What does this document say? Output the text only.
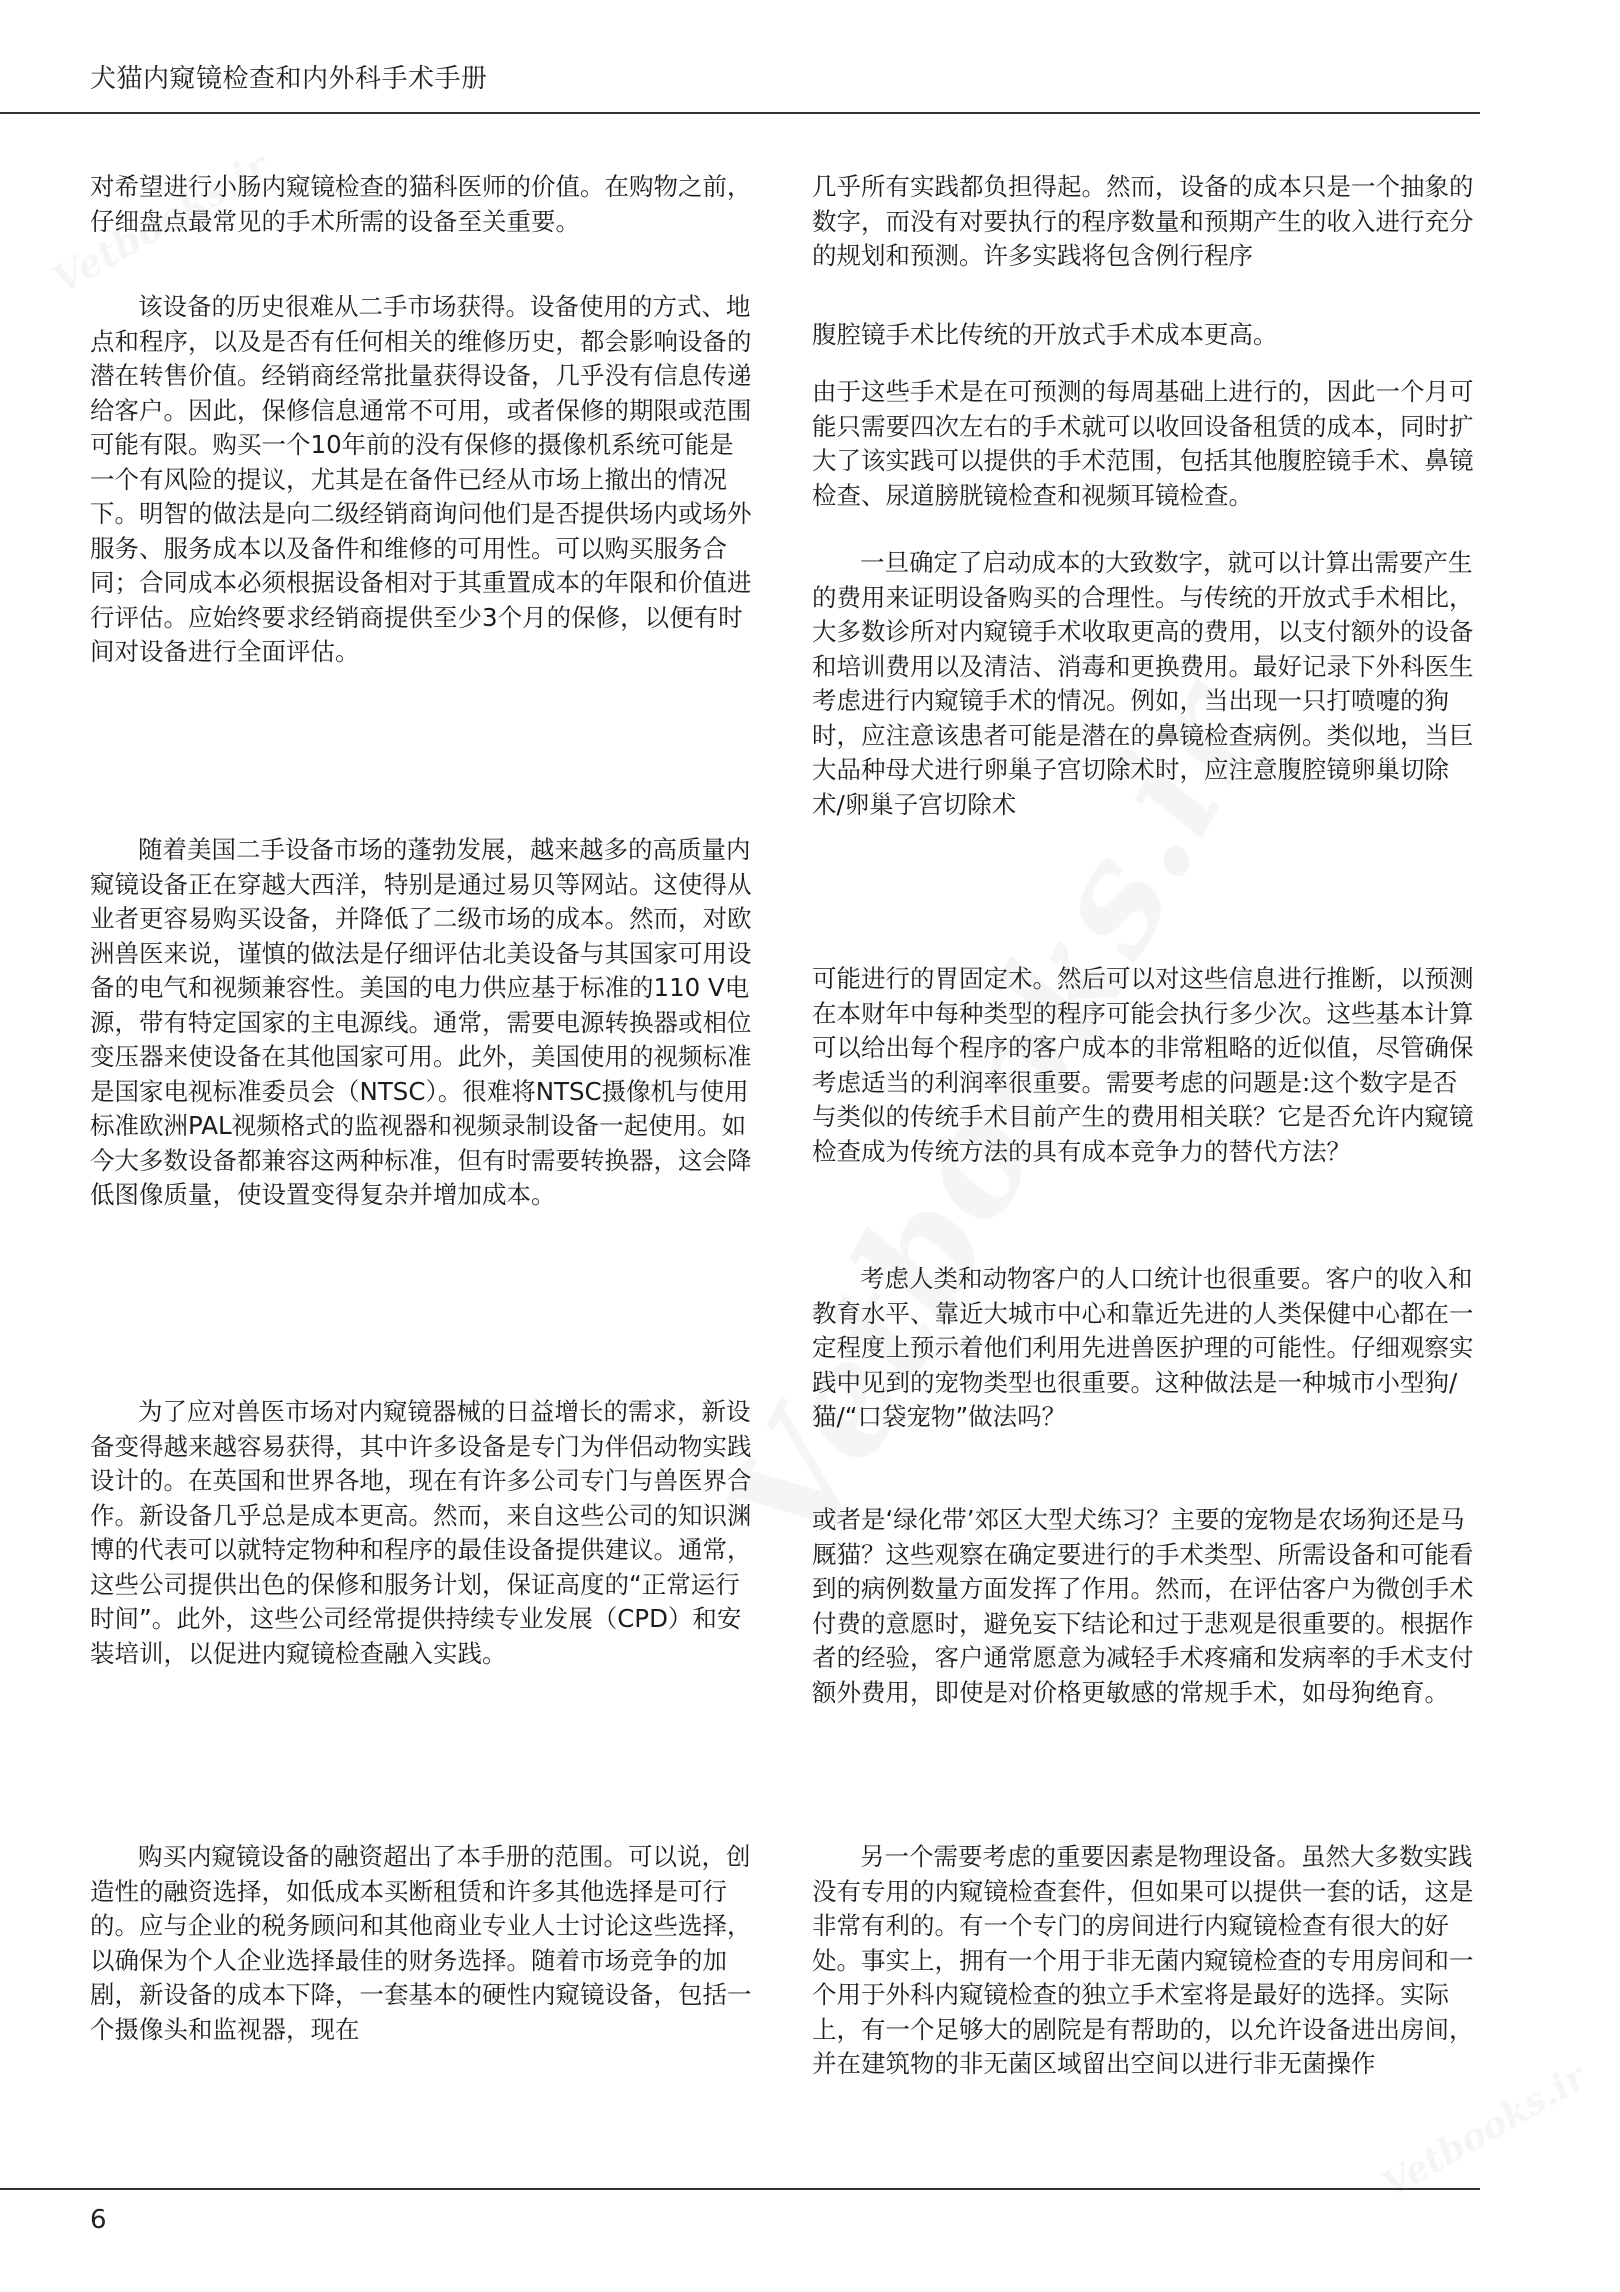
犬猫内窥镜检查和内外科手术手册

对希望进行小肠内窥镜检查的猫科医师的价值。在购物之前，仔细盘点最常见的手术所需的设备至关重要。

该设备的历史很难从二手市场获得。设备使用的方式、地点和程序，以及是否有任何相关的维修历史，都会影响设备的潜在转售价值。经销商经常批量获得设备，几乎没有信息传递给客户。因此，保修信息通常不可用，或者保修的期限或范围可能有限。购买一个10年前的没有保修的摄像机系统可能是一个有风险的提议，尤其是在备件已经从市场上撤出的情况下。明智的做法是向二级经销商询问他们是否提供场内或场外服务、服务成本以及备件和维修的可用性。可以购买服务合同；合同成本必须根据设备相对于其重置成本的年限和价值进行评估。应始终要求经销商提供至少3个月的保修，以便有时间对设备进行全面评估。

随着美国二手设备市场的蓬勃发展，越来越多的高质量内窥镜设备正在穿越大西洋，特别是通过易贝等网站。这使得从业者更容易购买设备，并降低了二级市场的成本。然而，对欧洲兽医来说，谨慎的做法是仔细评估北美设备与其国家可用设备的电气和视频兼容性。美国的电力供应基于标准的110 V电源，带有特定国家的主电源线。通常，需要电源转换器或相位变压器来使设备在其他国家可用。此外，美国使用的视频标准是国家电视标准委员会（NTSC）。很难将NTSC摄像机与使用标准欧洲PAL视频格式的监视器和视频录制设备一起使用。如今大多数设备都兼容这两种标准，但有时需要转换器，这会降低图像质量，使设置变得复杂并增加成本。

为了应对兽医市场对内窥镜器械的日益增长的需求，新设备变得越来越容易获得，其中许多设备是专门为伴侣动物实践设计的。在英国和世界各地，现在有许多公司专门与兽医界合作。新设备几乎总是成本更高。然而，来自这些公司的知识渊博的代表可以就特定物种和程序的最佳设备提供建议。通常，这些公司提供出色的保修和服务计划，保证高度的“正常运行时间”。此外，这些公司经常提供持续专业发展（CPD）和安装培训，以促进内窥镜检查融入实践。

购买内窥镜设备的融资超出了本手册的范围。可以说，创造性的融资选择，如低成本买断租赁和许多其他选择是可行的。应与企业的税务顾问和其他商业专业人士讨论这些选择，以确保为个人企业选择最佳的财务选择。随着市场竞争的加剧，新设备的成本下降，一套基本的硬性内窥镜设备，包括一个摄像头和监视器，现在

几乎所有实践都负担得起。然而，设备的成本只是一个抽象的数字，而没有对要执行的程序数量和预期产生的收入进行充分的规划和预测。许多实践将包含例行程序

腹腔镜手术比传统的开放式手术成本更高。

由于这些手术是在可预测的每周基础上进行的，因此一个月可能只需要四次左右的手术就可以收回设备租赁的成本，同时扩大了该实践可以提供的手术范围，包括其他腹腔镜手术、鼻镜检查、尿道膀胱镜检查和视频耳镜检查。

一旦确定了启动成本的大致数字，就可以计算出需要产生的费用来证明设备购买的合理性。与传统的开放式手术相比，大多数诊所对内窥镜手术收取更高的费用，以支付额外的设备和培训费用以及清洁、消毒和更换费用。最好记录下外科医生考虑进行内窥镜手术的情况。例如，当出现一只打喷嚏的狗时，应注意该患者可能是潜在的鼻镜检查病例。类似地，当巨大品种母犬进行卵巢子宫切除术时，应注意腹腔镜卵巢切除术/卵巢子宫切除术

可能进行的胃固定术。然后可以对这些信息进行推断，以预测在本财年中每种类型的程序可能会执行多少次。这些基本计算可以给出每个程序的客户成本的非常粗略的近似值，尽管确保考虑适当的利润率很重要。需要考虑的问题是:这个数字是否与类似的传统手术目前产生的费用相关联？它是否允许内窥镜检查成为传统方法的具有成本竞争力的替代方法？

考虑人类和动物客户的人口统计也很重要。客户的收入和教育水平、靠近大城市中心和靠近先进的人类保健中心都在一定程度上预示着他们利用先进兽医护理的可能性。仔细观察实践中见到的宠物类型也很重要。这种做法是一种城市小型狗/猫/“口袋宠物”做法吗？

或者是‘绿化带’郊区大型犬练习？主要的宠物是农场狗还是马厩猫？这些观察在确定要进行的手术类型、所需设备和可能看到的病例数量方面发挥了作用。然而，在评估客户为微创手术付费的意愿时，避免妄下结论和过于悲观是很重要的。根据作者的经验，客户通常愿意为减轻手术疼痛和发病率的手术支付额外费用，即使是对价格更敏感的常规手术，如母狗绝育。

另一个需要考虑的重要因素是物理设备。虽然大多数实践没有专用的内窥镜检查套件，但如果可以提供一套的话，这是非常有利的。有一个专门的房间进行内窥镜检查有很大的好处。事实上，拥有一个用于非无菌内窥镜检查的专用房间和一个用于外科内窥镜检查的独立手术室将是最好的选择。实际上，有一个足够大的剧院是有帮助的，以允许设备进出房间，并在建筑物的非无菌区域留出空间以进行非无菌操作

6
